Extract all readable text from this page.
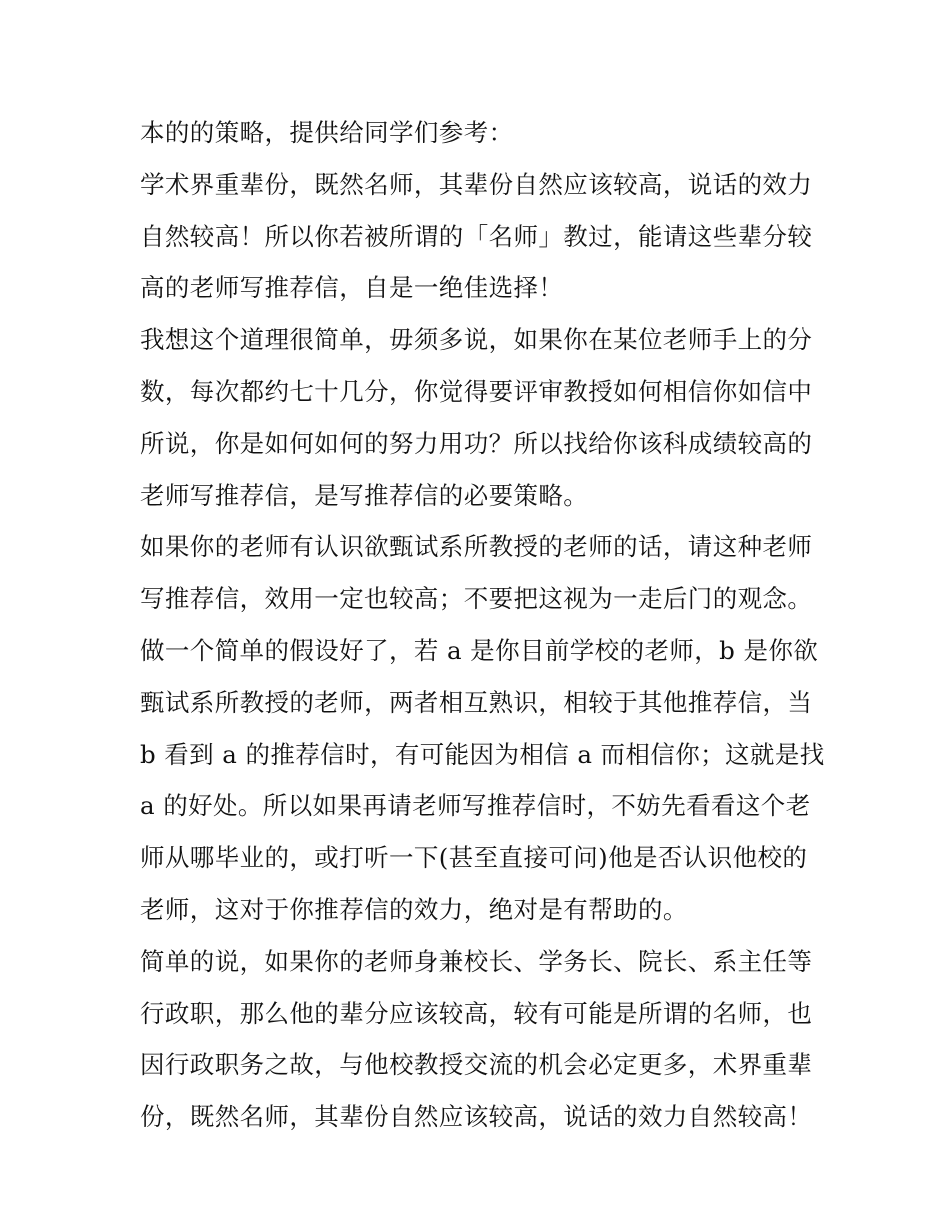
本的的策略，提供给同学们参考：
学术界重辈份，既然名师，其辈份自然应该较高，说话的效力
自然较高！所以你若被所谓的「名师」教过，能请这些辈分较
高的老师写推荐信，自是一绝佳选择！
我想这个道理很简单，毋须多说，如果你在某位老师手上的分
数，每次都约七十几分，你觉得要评审教授如何相信你如信中
所说，你是如何如何的努力用功？所以找给你该科成绩较高的
老师写推荐信，是写推荐信的必要策略。
如果你的老师有认识欲甄试系所教授的老师的话，请这种老师
写推荐信，效用一定也较高；不要把这视为一走后门的观念。
做一个简单的假设好了，若 a 是你目前学校的老师，b 是你欲
甄试系所教授的老师，两者相互熟识，相较于其他推荐信，当
b 看到 a 的推荐信时，有可能因为相信 a 而相信你；这就是找
a 的好处。所以如果再请老师写推荐信时，不妨先看看这个老
师从哪毕业的，或打听一下(甚至直接可问)他是否认识他校的
老师，这对于你推荐信的效力，绝对是有帮助的。
简单的说，如果你的老师身兼校长、学务长、院长、系主任等
行政职，那么他的辈分应该较高，较有可能是所谓的名师，也
因行政职务之故，与他校教授交流的机会必定更多，术界重辈
份，既然名师，其辈份自然应该较高，说话的效力自然较高！
